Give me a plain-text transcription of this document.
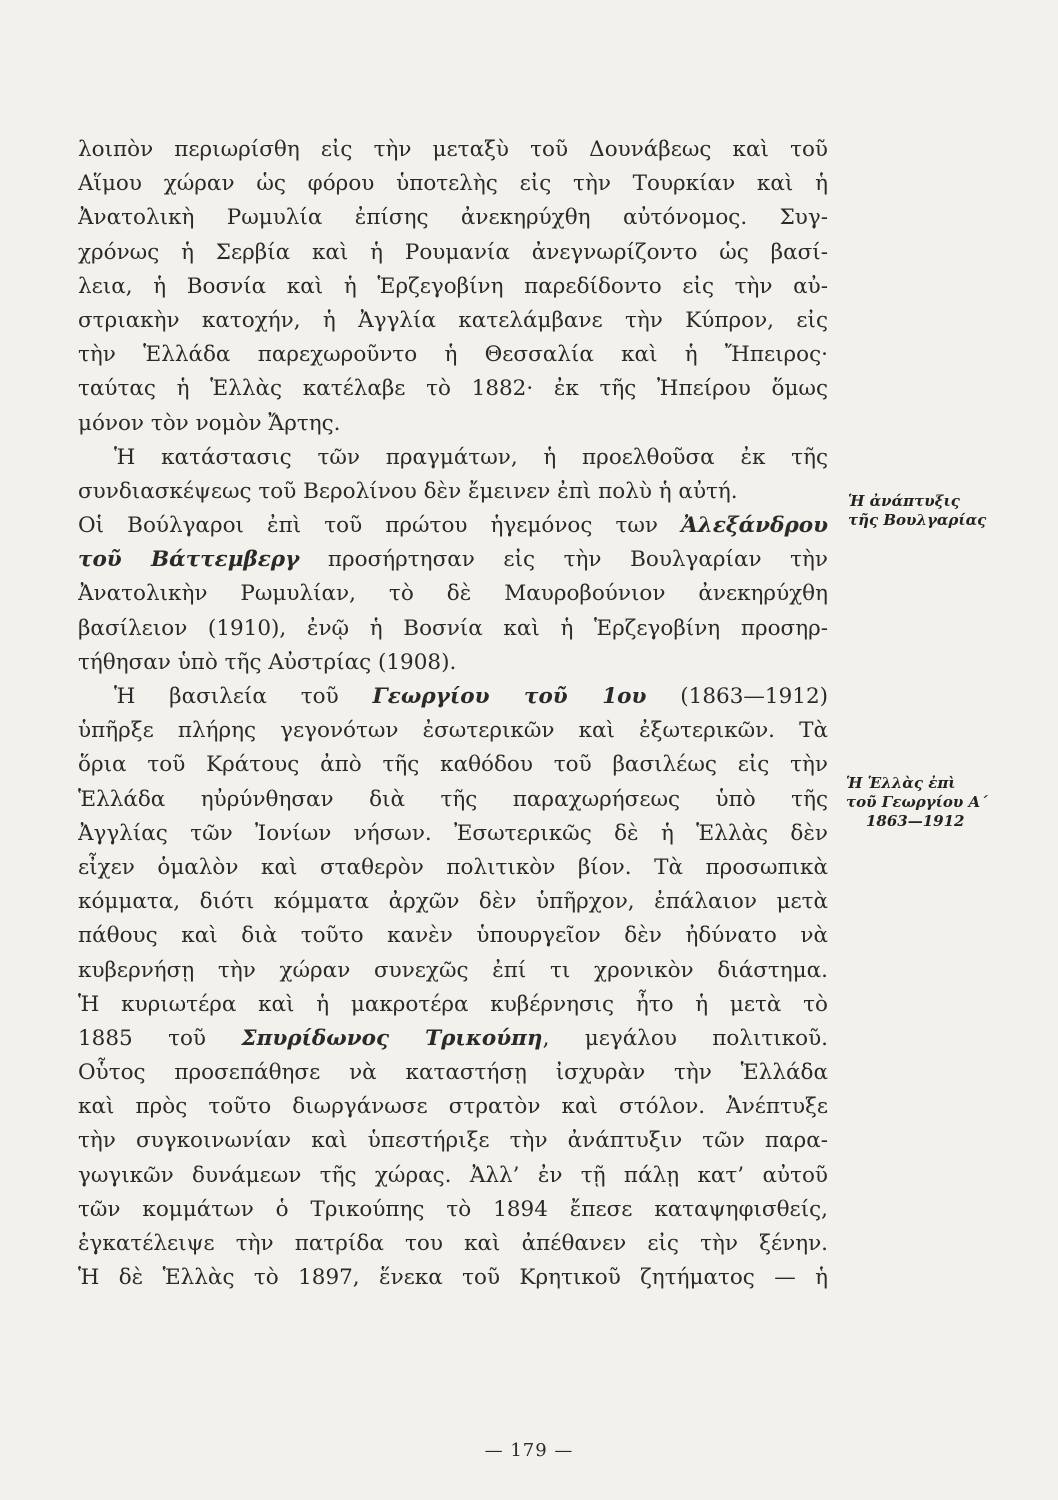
λοιπὸν περιωρίσθη εἰς τὴν μεταξὺ τοῦ Δουνάβεως καὶ τοῦ
Αἵμου χώραν ὡς φόρου ὑποτελὴς εἰς τὴν Τουρκίαν καὶ ἡ
Ἀνατολικὴ Ρωμυλία ἐπίσης ἀνεκηρύχθη αὐτόνομος. Συγ-
χρόνως ἡ Σερβία καὶ ἡ Ρουμανία ἀνεγνωρίζοντο ὡς βασί-
λεια, ἡ Βοσνία καὶ ἡ Ἑρζεγοβίνη παρεδίδοντο εἰς τὴν αὐ-
στριακὴν κατοχήν, ἡ Ἀγγλία κατελάμβανε τὴν Κύπρον, εἰς
τὴν Ἑλλάδα παρεχωροῦντο ἡ Θεσσαλία καὶ ἡ Ἤπειρος·
ταύτας ἡ Ἑλλὰς κατέλαβε τὸ 1882· ἐκ τῆς Ἠπείρου ὅμως
μόνον τὸν νομὸν Ἄρτης.
Ἡ κατάστασις τῶν πραγμάτων, ἡ προελθοῦσα ἐκ τῆς
συνδιασκέψεως τοῦ Βερολίνου δὲν ἔμεινεν ἐπὶ πολὺ ἡ αὐτή.
Οἱ Βούλγαροι ἐπὶ τοῦ πρώτου ἡγεμόνος των Ἀλεξάνδρου
τοῦ Βάττεμβεργ προσήρτησαν εἰς τὴν Βουλγαρίαν τὴν
Ἀνατολικὴν Ρωμυλίαν, τὸ δὲ Μαυροβούνιον ἀνεκηρύχθη
βασίλειον (1910), ἐνῷ ἡ Βοσνία καὶ ἡ Ἑρζεγοβίνη προσηρ-
τήθησαν ὑπὸ τῆς Αὐστρίας (1908).
Ἡ βασιλεία τοῦ Γεωργίου τοῦ 1ου (1863—1912)
ὑπῆρξε πλήρης γεγονότων ἐσωτερικῶν καὶ ἐξωτερικῶν. Τὰ
ὅρια τοῦ Κράτους ἀπὸ τῆς καθόδου τοῦ βασιλέως εἰς τὴν
Ἑλλάδα ηὐρύνθησαν διὰ τῆς παραχωρήσεως ὑπὸ τῆς
Ἀγγλίας τῶν Ἰονίων νήσων. Ἐσωτερικῶς δὲ ἡ Ἑλλὰς δὲν
εἶχεν ὁμαλὸν καὶ σταθερὸν πολιτικὸν βίον. Τὰ προσωπικὰ
κόμματα, διότι κόμματα ἀρχῶν δὲν ὑπῆρχον, ἐπάλαιον μετὰ
πάθους καὶ διὰ τοῦτο κανὲν ὑπουργεῖον δὲν ἠδύνατο νὰ
κυβερνήσῃ τὴν χώραν συνεχῶς ἐπί τι χρονικὸν διάστημα.
Ἡ κυριωτέρα καὶ ἡ μακροτέρα κυβέρνησις ἦτο ἡ μετὰ τὸ
1885 τοῦ Σπυρίδωνος Τρικούπη, μεγάλου πολιτικοῦ.
Οὗτος προσεπάθησε νὰ καταστήσῃ ἰσχυρὰν τὴν Ἑλλάδα
καὶ πρὸς τοῦτο διωργάνωσε στρατὸν καὶ στόλον. Ἀνέπτυξε
τὴν συγκοινωνίαν καὶ ὑπεστήριξε τὴν ἀνάπτυξιν τῶν παρα-
γωγικῶν δυνάμεων τῆς χώρας. Ἀλλ’ ἐν τῇ πάλῃ κατ’ αὐτοῦ
τῶν κομμάτων ὁ Τρικούπης τὸ 1894 ἔπεσε καταψηφισθείς,
ἐγκατέλειψε τὴν πατρίδα του καὶ ἀπέθανεν εἰς τὴν ξένην.
Ἡ δὲ Ἑλλὰς τὸ 1897, ἕνεκα τοῦ Κρητικοῦ ζητήματος — ἡ
Ἡ ἀνάπτυξις
τῆς Βουλγαρίας
Ἡ Ἑλλὰς ἐπὶ
τοῦ Γεωργίου Α΄
1863—1912
— 179 —
